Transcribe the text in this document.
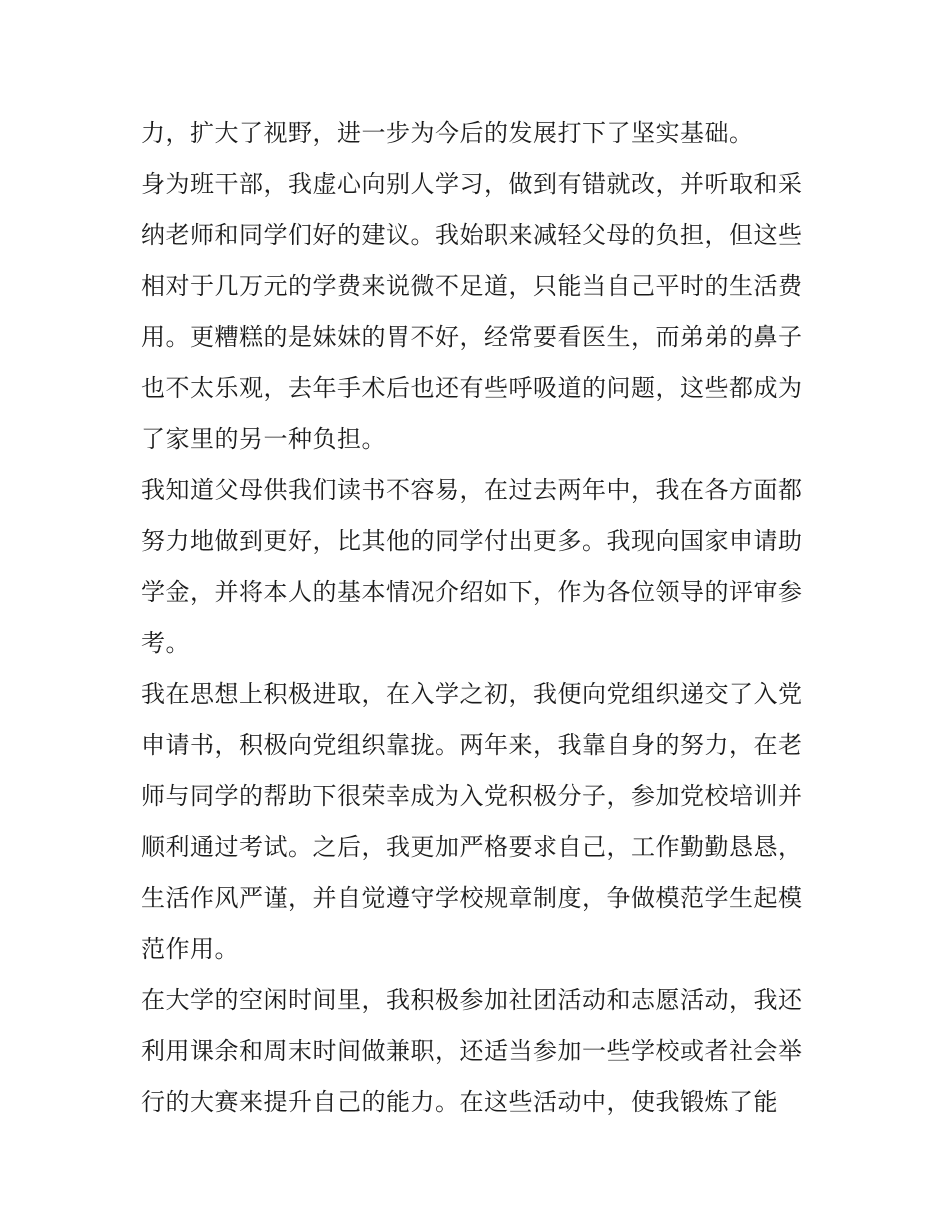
力，扩大了视野，进一步为今后的发展打下了坚实基础。
身为班干部，我虚心向别人学习，做到有错就改，并听取和采
纳老师和同学们好的建议。我始职来减轻父母的负担，但这些
相对于几万元的学费来说微不足道，只能当自己平时的生活费
用。更糟糕的是妹妹的胃不好，经常要看医生，而弟弟的鼻子
也不太乐观，去年手术后也还有些呼吸道的问题，这些都成为
了家里的另一种负担。
我知道父母供我们读书不容易，在过去两年中，我在各方面都
努力地做到更好，比其他的同学付出更多。我现向国家申请助
学金，并将本人的基本情况介绍如下，作为各位领导的评审参
考。
我在思想上积极进取，在入学之初，我便向党组织递交了入党
申请书，积极向党组织靠拢。两年来，我靠自身的努力，在老
师与同学的帮助下很荣幸成为入党积极分子，参加党校培训并
顺利通过考试。之后，我更加严格要求自己，工作勤勤恳恳，
生活作风严谨，并自觉遵守学校规章制度，争做模范学生起模
范作用。
在大学的空闲时间里，我积极参加社团活动和志愿活动，我还
利用课余和周末时间做兼职，还适当参加一些学校或者社会举
行的大赛来提升自己的能力。在这些活动中，使我锻炼了能
